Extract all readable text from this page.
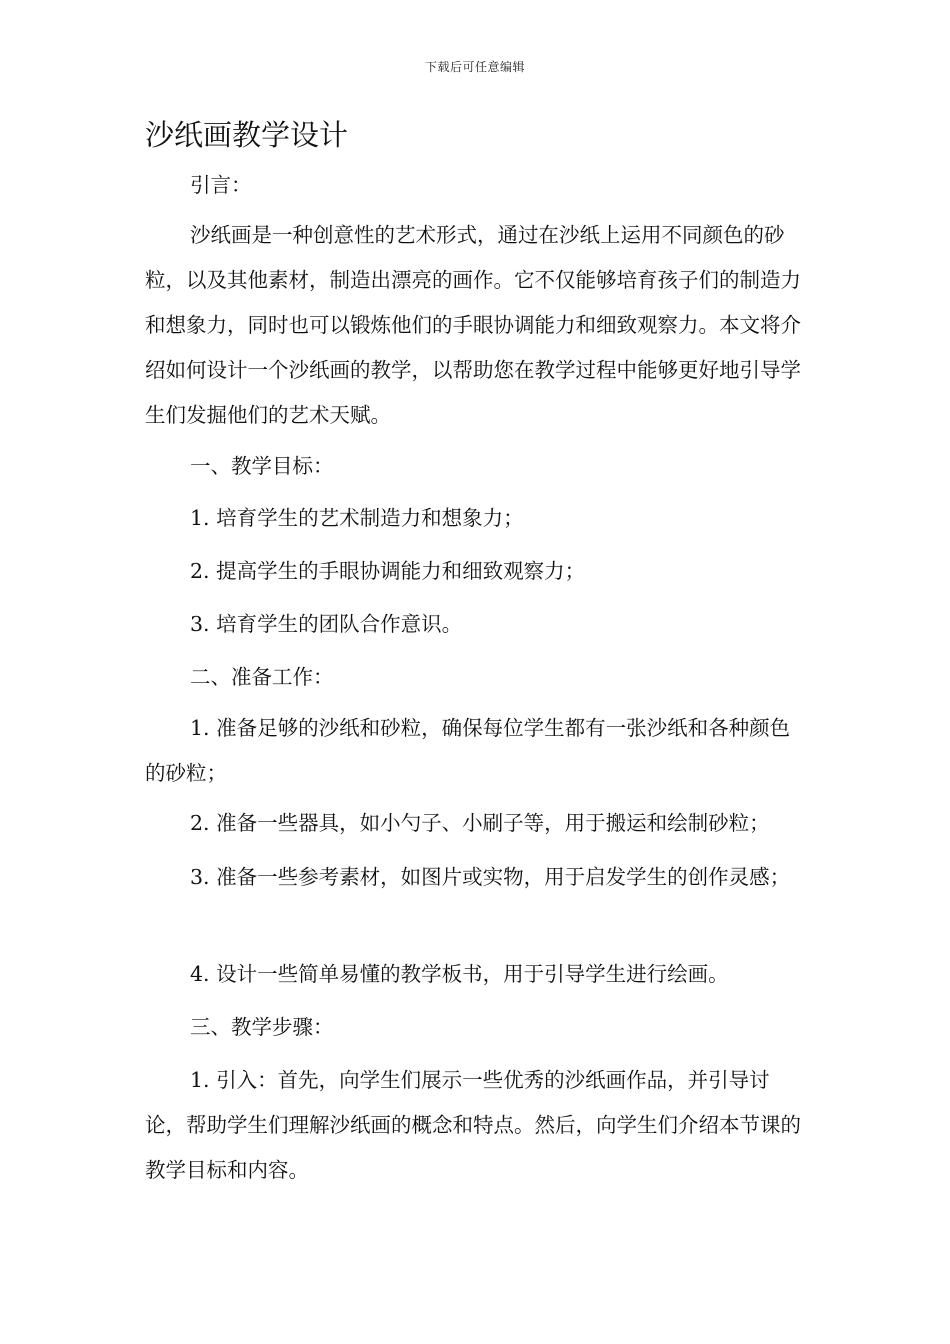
下载后可任意编辑
沙纸画教学设计

引言：

沙纸画是一种创意性的艺术形式，通过在沙纸上运用不同颜色的砂粒，以及其他素材，制造出漂亮的画作。它不仅能够培育孩子们的制造力和想象力，同时也可以锻炼他们的手眼协调能力和细致观察力。本文将介绍如何设计一个沙纸画的教学，以帮助您在教学过程中能够更好地引导学生们发掘他们的艺术天赋。

一、教学目标：

1. 培育学生的艺术制造力和想象力；

2. 提高学生的手眼协调能力和细致观察力；

3. 培育学生的团队合作意识。

二、准备工作：

1. 准备足够的沙纸和砂粒，确保每位学生都有一张沙纸和各种颜色的砂粒；

2. 准备一些器具，如小勺子、小刷子等，用于搬运和绘制砂粒；

3. 准备一些参考素材，如图片或实物，用于启发学生的创作灵感；

4. 设计一些简单易懂的教学板书，用于引导学生进行绘画。

三、教学步骤：

1. 引入：首先，向学生们展示一些优秀的沙纸画作品，并引导讨论，帮助学生们理解沙纸画的概念和特点。然后，向学生们介绍本节课的教学目标和内容。
